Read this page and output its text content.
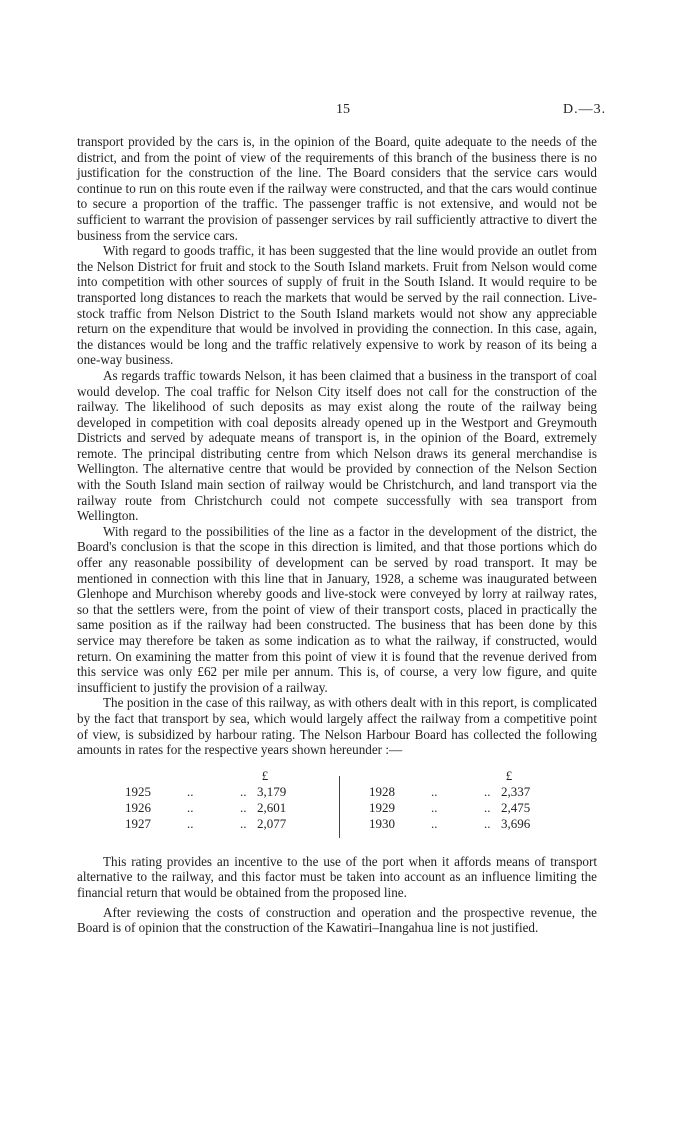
15	D.—3.

transport provided by the cars is, in the opinion of the Board, quite adequate to the needs of the district, and from the point of view of the requirements of this branch of the business there is no justification for the construction of the line. The Board considers that the service cars would continue to run on this route even if the railway were constructed, and that the cars would continue to secure a proportion of the traffic. The passenger traffic is not extensive, and would not be sufficient to warrant the provision of passenger services by rail sufficiently attractive to divert the business from the service cars.

With regard to goods traffic, it has been suggested that the line would provide an outlet from the Nelson District for fruit and stock to the South Island markets. Fruit from Nelson would come into competition with other sources of supply of fruit in the South Island. It would require to be transported long distances to reach the markets that would be served by the rail connection. Live-stock traffic from Nelson District to the South Island markets would not show any appreciable return on the expenditure that would be involved in providing the connection. In this case, again, the distances would be long and the traffic relatively expensive to work by reason of its being a one-way business.

As regards traffic towards Nelson, it has been claimed that a business in the transport of coal would develop. The coal traffic for Nelson City itself does not call for the construction of the railway. The likelihood of such deposits as may exist along the route of the railway being developed in competition with coal deposits already opened up in the Westport and Greymouth Districts and served by adequate means of transport is, in the opinion of the Board, extremely remote. The principal distributing centre from which Nelson draws its general merchandise is Wellington. The alternative centre that would be provided by connection of the Nelson Section with the South Island main section of railway would be Christchurch, and land transport via the railway route from Christchurch could not compete successfully with sea transport from Wellington.

With regard to the possibilities of the line as a factor in the development of the district, the Board's conclusion is that the scope in this direction is limited, and that those portions which do offer any reasonable possibility of development can be served by road transport. It may be mentioned in connection with this line that in January, 1928, a scheme was inaugurated between Glenhope and Murchison whereby goods and live-stock were conveyed by lorry at railway rates, so that the settlers were, from the point of view of their transport costs, placed in practically the same position as if the railway had been constructed. The business that has been done by this service may therefore be taken as some indication as to what the railway, if constructed, would return. On examining the matter from this point of view it is found that the revenue derived from this service was only £62 per mile per annum. This is, of course, a very low figure, and quite insufficient to justify the provision of a railway.

The position in the case of this railway, as with others dealt with in this report, is complicated by the fact that transport by sea, which would largely affect the railway from a competitive point of view, is subsidized by harbour rating. The Nelson Harbour Board has collected the following amounts in rates for the respective years shown hereunder :—

£
1925	..	.. 3,179
1926	..	.. 2,601
1927	..	.. 2,077
£
1928	..	.. 2,337
1929	..	.. 2,475
1930	..	.. 3,696

This rating provides an incentive to the use of the port when it affords means of transport alternative to the railway, and this factor must be taken into account as an influence limiting the financial return that would be obtained from the proposed line.

After reviewing the costs of construction and operation and the prospective revenue, the Board is of opinion that the construction of the Kawatiri–Inangahua line is not justified.
